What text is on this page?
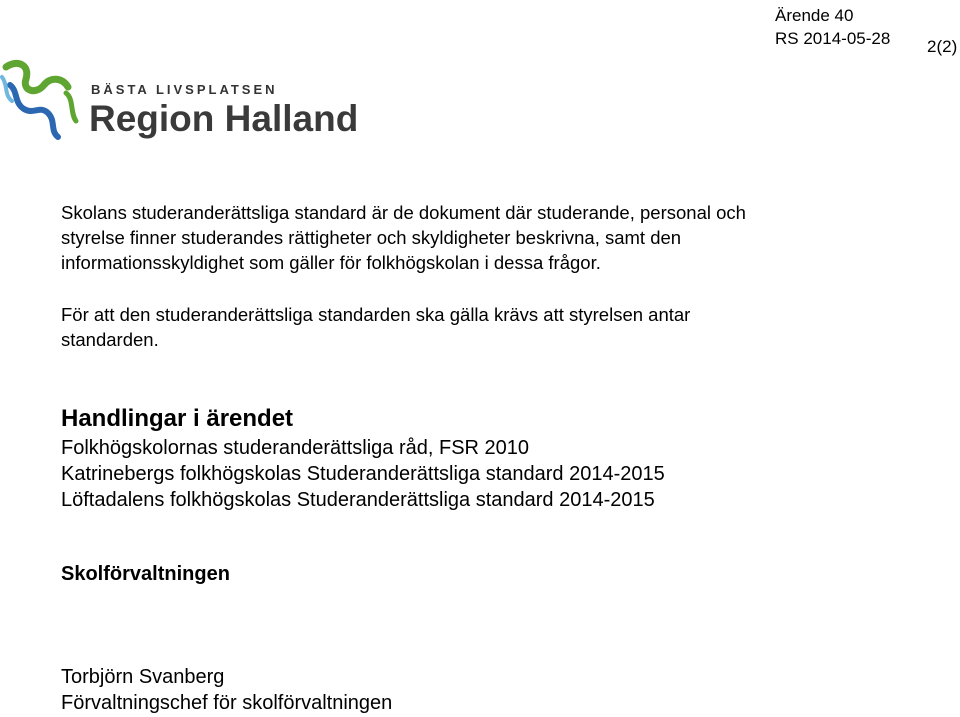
Ärende 40
RS 2014-05-28 2(2)
BÄSTA LIVSPLATSEN
Region Halland
Skolans studeranderättsliga standard är de dokument där studerande, personal och
styrelse finner studerandes rättigheter och skyldigheter beskrivna, samt den
informationsskyldighet som gäller för folkhögskolan i dessa frågor.
För att den studeranderättsliga standarden ska gälla krävs att styrelsen antar
standarden.
Handlingar i ärendet
Folkhögskolornas studeranderättsliga råd, FSR 2010
Katrinebergs folkhögskolas Studeranderättsliga standard 2014-2015
Löftadalens folkhögskolas Studeranderättsliga standard 2014-2015
Skolförvaltningen
Torbjörn Svanberg
Förvaltningschef för skolförvaltningen
